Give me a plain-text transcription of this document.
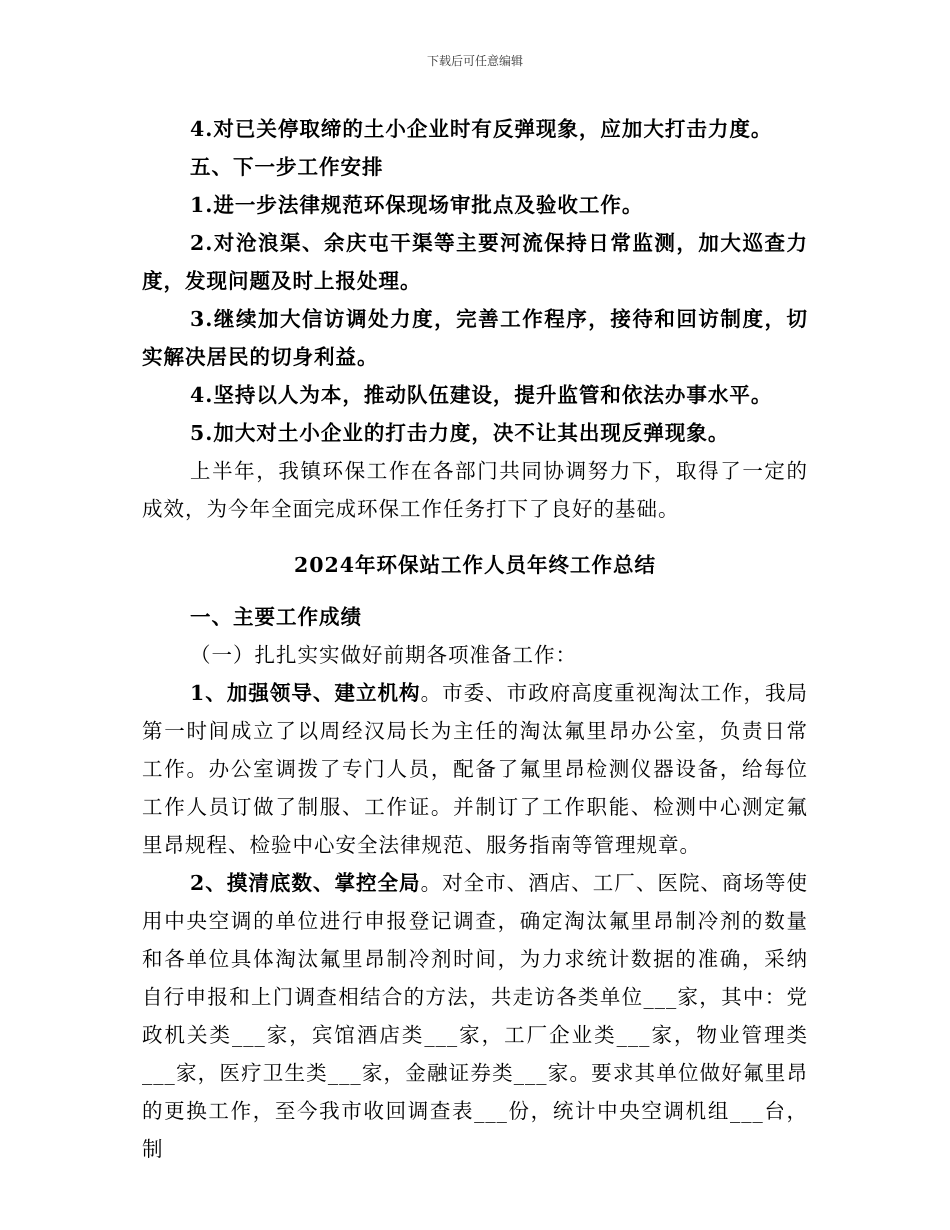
下载后可任意编辑

4.对已关停取缔的土小企业时有反弹现象，应加大打击力度。

五、下一步工作安排

1.进一步法律规范环保现场审批点及验收工作。

2.对沧浪渠、余庆屯干渠等主要河流保持日常监测，加大巡查力度，发现问题及时上报处理。

3.继续加大信访调处力度，完善工作程序，接待和回访制度，切实解决居民的切身利益。

4.坚持以人为本，推动队伍建设，提升监管和依法办事水平。

5.加大对土小企业的打击力度，决不让其出现反弹现象。

上半年，我镇环保工作在各部门共同协调努力下，取得了一定的成效，为今年全面完成环保工作任务打下了良好的基础。

2024年环保站工作人员年终工作总结

一、主要工作成绩

（一）扎扎实实做好前期各项准备工作：

1、加强领导、建立机构。市委、市政府高度重视淘汰工作，我局第一时间成立了以周经汉局长为主任的淘汰氟里昂办公室，负责日常工作。办公室调拨了专门人员，配备了氟里昂检测仪器设备，给每位工作人员订做了制服、工作证。并制订了工作职能、检测中心测定氟里昂规程、检验中心安全法律规范、服务指南等管理规章。

2、摸清底数、掌控全局。对全市、酒店、工厂、医院、商场等使用中央空调的单位进行申报登记调查，确定淘汰氟里昂制冷剂的数量和各单位具体淘汰氟里昂制冷剂时间，为力求统计数据的准确，采纳自行申报和上门调查相结合的方法，共走访各类单位___家，其中：党政机关类___家，宾馆酒店类___家，工厂企业类___家，物业管理类___家，医疗卫生类___家，金融证券类___家。要求其单位做好氟里昂的更换工作，至今我市收回调查表___份，统计中央空调机组___台，制
